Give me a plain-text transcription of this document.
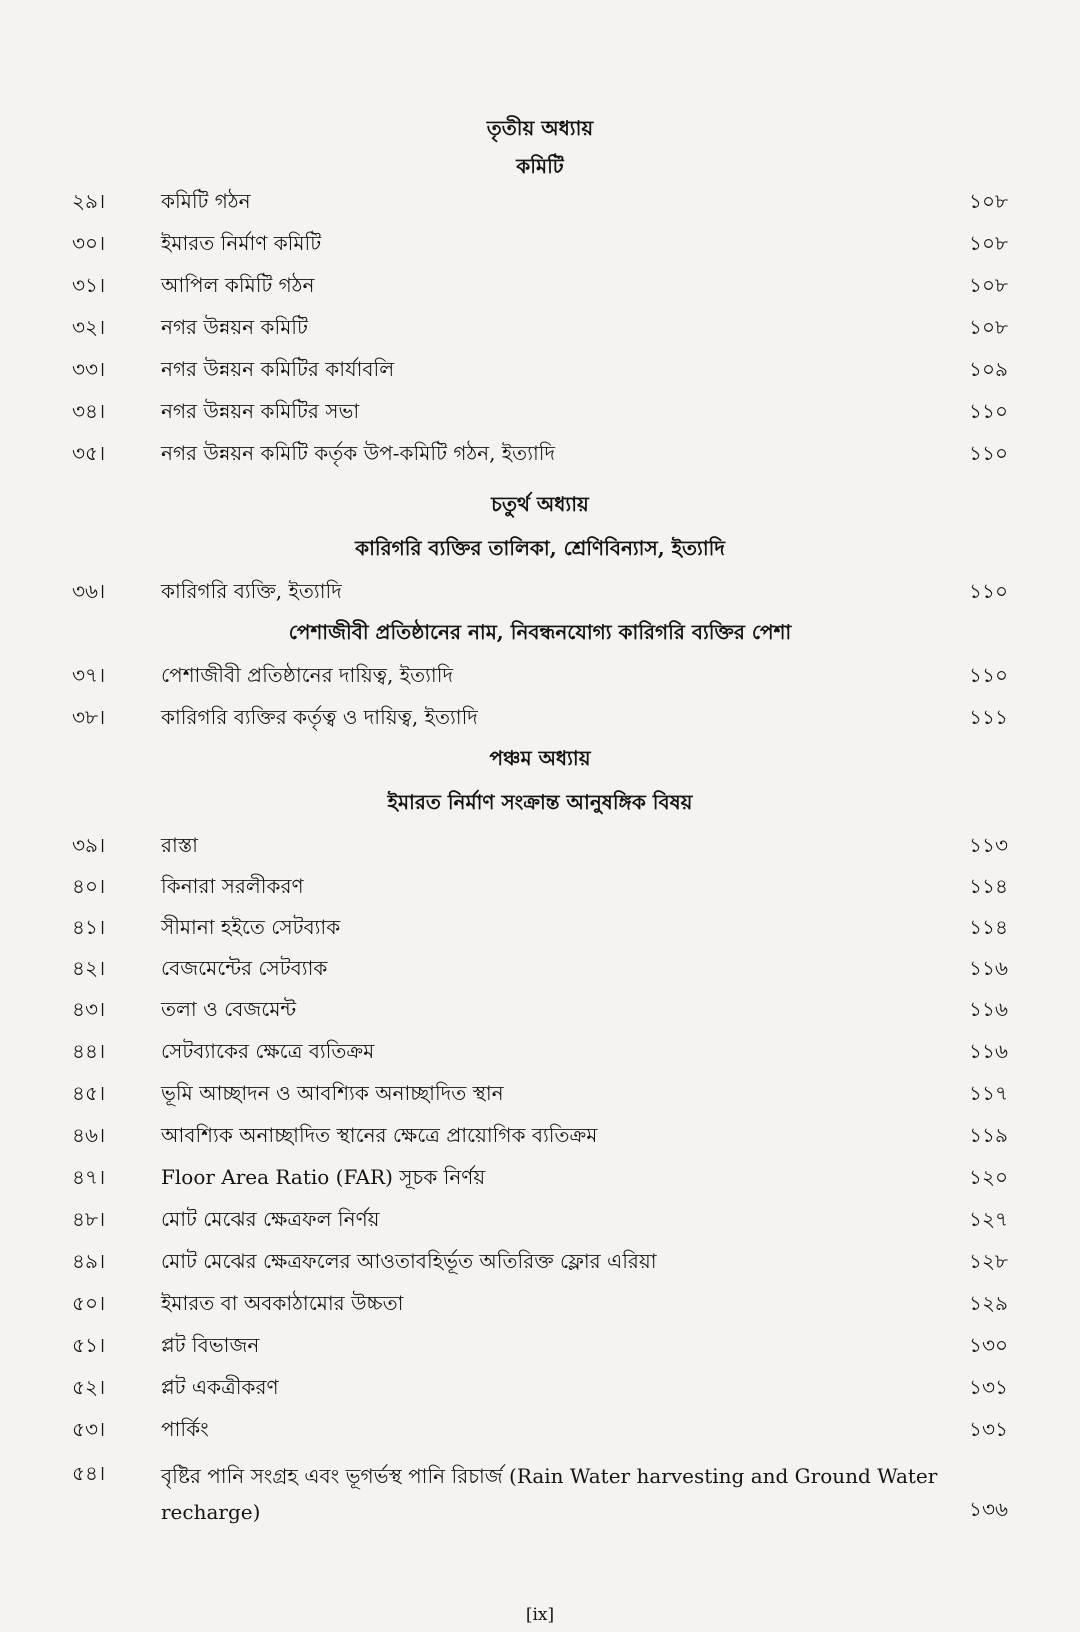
তৃতীয় অধ্যায়
কমিটি
২৯।	কমিটি গঠন	১০৮
৩০।	ইমারত নির্মাণ কমিটি	১০৮
৩১।	আপিল কমিটি গঠন	১০৮
৩২।	নগর উন্নয়ন কমিটি	১০৮
৩৩।	নগর উন্নয়ন কমিটির কার্যাবলি	১০৯
৩৪।	নগর উন্নয়ন কমিটির সভা	১১০
৩৫।	নগর উন্নয়ন কমিটি কর্তৃক উপ-কমিটি গঠন, ইত্যাদি	১১০
চতুর্থ অধ্যায়
কারিগরি ব্যক্তির তালিকা, শ্রেণিবিন্যাস, ইত্যাদি
৩৬।	কারিগরি ব্যক্তি, ইত্যাদি	১১০
পেশাজীবী প্রতিষ্ঠানের নাম, নিবন্ধনযোগ্য কারিগরি ব্যক্তির পেশা
৩৭।	পেশাজীবী প্রতিষ্ঠানের দায়িত্ব, ইত্যাদি	১১০
৩৮।	কারিগরি ব্যক্তির কর্তৃত্ব ও দায়িত্ব, ইত্যাদি	১১১
পঞ্চম অধ্যায়
ইমারত নির্মাণ সংক্রান্ত আনুষঙ্গিক বিষয়
৩৯।	রাস্তা	১১৩
৪০।	কিনারা সরলীকরণ	১১৪
৪১।	সীমানা হইতে সেটব্যাক	১১৪
৪২।	বেজমেন্টের সেটব্যাক	১১৬
৪৩।	তলা ও বেজমেন্ট	১১৬
৪৪।	সেটব্যাকের ক্ষেত্রে ব্যতিক্রম	১১৬
৪৫।	ভূমি আচ্ছাদন ও আবশ্যিক অনাচ্ছাদিত স্থান	১১৭
৪৬।	আবশ্যিক অনাচ্ছাদিত স্থানের ক্ষেত্রে প্রায়োগিক ব্যতিক্রম	১১৯
৪৭।	Floor Area Ratio (FAR) সূচক নির্ণয়	১২০
৪৮।	মোট মেঝের ক্ষেত্রফল নির্ণয়	১২৭
৪৯।	মোট মেঝের ক্ষেত্রফলের আওতাবহির্ভূত অতিরিক্ত ফ্লোর এরিয়া	১২৮
৫০।	ইমারত বা অবকাঠামোর উচ্চতা	১২৯
৫১।	প্লট বিভাজন	১৩০
৫২।	প্লট একত্রীকরণ	১৩১
৫৩।	পার্কিং	১৩১
৫৪।	বৃষ্টির পানি সংগ্রহ এবং ভূগর্ভস্থ পানি রিচার্জ (Rain Water harvesting and Ground Water recharge)	১৩৬
[ix]
